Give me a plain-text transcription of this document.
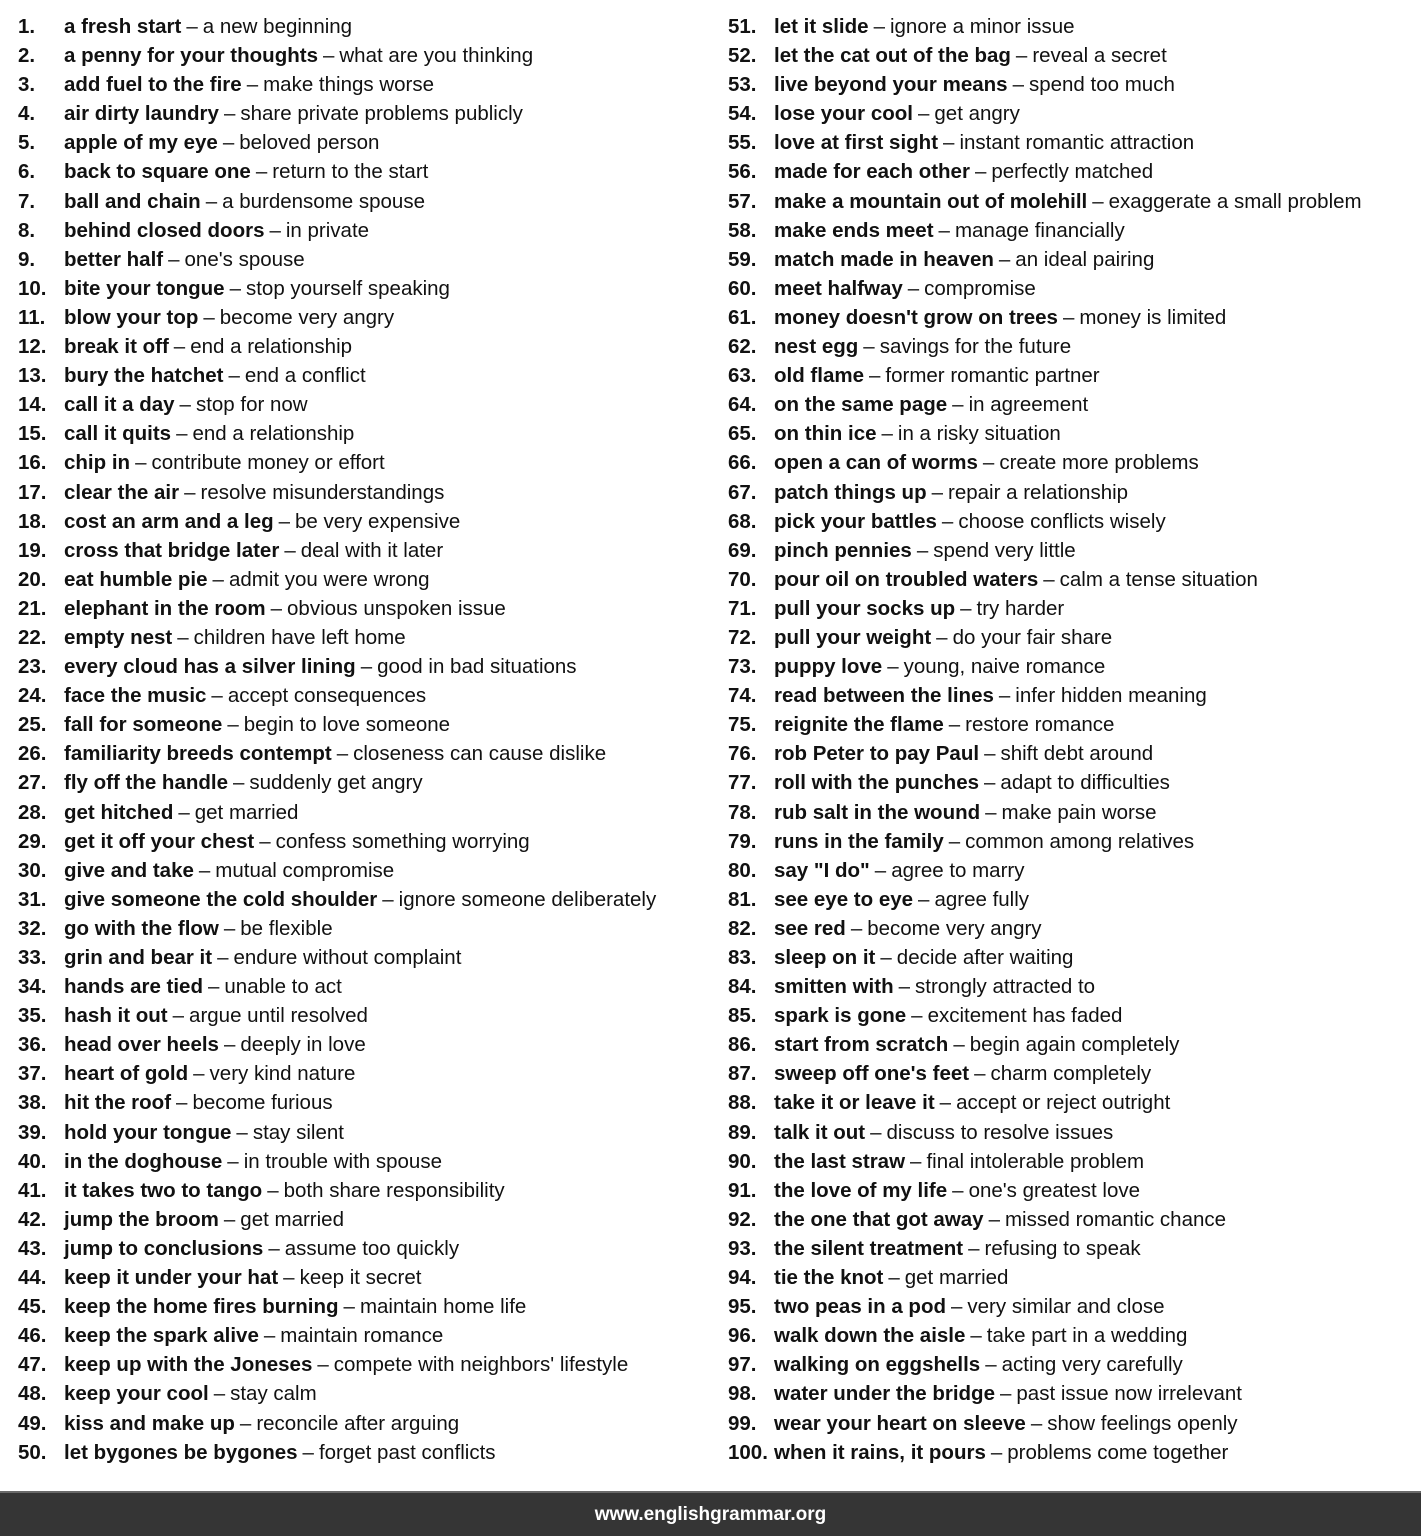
1.	a fresh start – a new beginning
2.	a penny for your thoughts – what are you thinking
3.	add fuel to the fire – make things worse
4.	air dirty laundry – share private problems publicly
5.	apple of my eye – beloved person
6.	back to square one – return to the start
7.	ball and chain – a burdensome spouse
8.	behind closed doors – in private
9.	better half – one's spouse
10. bite your tongue – stop yourself speaking
11. blow your top – become very angry
12. break it off – end a relationship
13. bury the hatchet – end a conflict
14. call it a day – stop for now
15. call it quits – end a relationship
16. chip in – contribute money or effort
17. clear the air – resolve misunderstandings
18. cost an arm and a leg – be very expensive
19. cross that bridge later – deal with it later
20. eat humble pie – admit you were wrong
21. elephant in the room – obvious unspoken issue
22. empty nest – children have left home
23. every cloud has a silver lining – good in bad situations
24. face the music – accept consequences
25. fall for someone – begin to love someone
26. familiarity breeds contempt – closeness can cause dislike
27. fly off the handle – suddenly get angry
28. get hitched – get married
29. get it off your chest – confess something worrying
30. give and take – mutual compromise
31. give someone the cold shoulder – ignore someone deliberately
32. go with the flow – be flexible
33. grin and bear it – endure without complaint
34. hands are tied – unable to act
35. hash it out – argue until resolved
36. head over heels – deeply in love
37. heart of gold – very kind nature
38. hit the roof – become furious
39. hold your tongue – stay silent
40. in the doghouse – in trouble with spouse
41. it takes two to tango – both share responsibility
42. jump the broom – get married
43. jump to conclusions – assume too quickly
44. keep it under your hat – keep it secret
45. keep the home fires burning – maintain home life
46. keep the spark alive – maintain romance
47. keep up with the Joneses – compete with neighbors' lifestyle
48. keep your cool – stay calm
49. kiss and make up – reconcile after arguing
50. let bygones be bygones – forget past conflicts
51. let it slide – ignore a minor issue
52. let the cat out of the bag – reveal a secret
53. live beyond your means – spend too much
54. lose your cool – get angry
55. love at first sight – instant romantic attraction
56. made for each other – perfectly matched
57. make a mountain out of molehill – exaggerate a small problem
58. make ends meet – manage financially
59. match made in heaven – an ideal pairing
60. meet halfway – compromise
61. money doesn't grow on trees – money is limited
62. nest egg – savings for the future
63. old flame – former romantic partner
64. on the same page – in agreement
65. on thin ice – in a risky situation
66. open a can of worms – create more problems
67. patch things up – repair a relationship
68. pick your battles – choose conflicts wisely
69. pinch pennies – spend very little
70. pour oil on troubled waters – calm a tense situation
71. pull your socks up – try harder
72. pull your weight – do your fair share
73. puppy love – young, naive romance
74. read between the lines – infer hidden meaning
75. reignite the flame – restore romance
76. rob Peter to pay Paul – shift debt around
77. roll with the punches – adapt to difficulties
78. rub salt in the wound – make pain worse
79. runs in the family – common among relatives
80. say "I do" – agree to marry
81. see eye to eye – agree fully
82. see red – become very angry
83. sleep on it – decide after waiting
84. smitten with – strongly attracted to
85. spark is gone – excitement has faded
86. start from scratch – begin again completely
87. sweep off one's feet – charm completely
88. take it or leave it – accept or reject outright
89. talk it out – discuss to resolve issues
90. the last straw – final intolerable problem
91. the love of my life – one's greatest love
92. the one that got away – missed romantic chance
93. the silent treatment – refusing to speak
94. tie the knot – get married
95. two peas in a pod – very similar and close
96. walk down the aisle – take part in a wedding
97. walking on eggshells – acting very carefully
98. water under the bridge – past issue now irrelevant
99. wear your heart on sleeve – show feelings openly
100. when it rains, it pours – problems come together
www.englishgrammar.org
